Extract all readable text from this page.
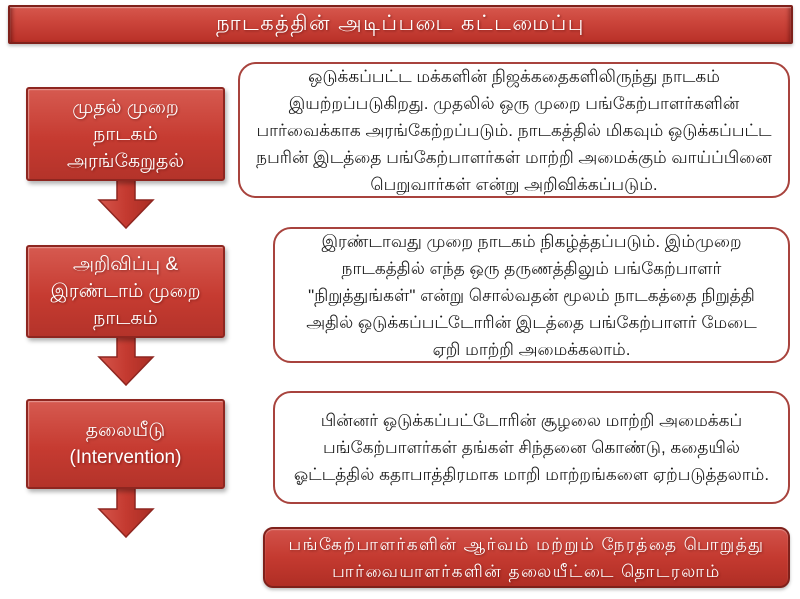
நாடகத்தின் அடிப்படை கட்டமைப்பு
முதல் முறை
நாடகம்
அரங்கேறுதல்
அறிவிப்பு &
இரண்டாம் முறை
நாடகம்
தலையீடு
(Intervention)
ஒடுக்கப்பட்ட மக்களின் நிஜக்கதைகளிலிருந்து நாடகம் இயற்றப்படுகிறது. முதலில் ஒரு முறை பங்கேற்பாளர்களின் பார்வைக்காக அரங்கேற்றப்படும். நாடகத்தில் மிகவும் ஒடுக்கப்பட்ட நபரின் இடத்தை பங்கேற்பாளர்கள் மாற்றி அமைக்கும் வாய்ப்பினை பெறுவார்கள் என்று அறிவிக்கப்படும்.
இரண்டாவது முறை நாடகம் நிகழ்த்தப்படும். இம்முறை நாடகத்தில் எந்த ஒரு தருணத்திலும் பங்கேற்பாளர் "நிறுத்துங்கள்" என்று சொல்வதன் மூலம் நாடகத்தை நிறுத்தி அதில் ஒடுக்கப்பட்டோரின் இடத்தை பங்கேற்பாளர் மேடை ஏறி மாற்றி அமைக்கலாம்.
பின்னர் ஒடுக்கப்பட்டோரின் சூழலை மாற்றி அமைக்கப் பங்கேற்பாளர்கள் தங்கள் சிந்தனை கொண்டு, கதையில் ஓட்டத்தில் கதாபாத்திரமாக மாறி மாற்றங்களை ஏற்படுத்தலாம்.
பங்கேற்பாளர்களின் ஆர்வம் மற்றும் நேரத்தை பொறுத்து
பார்வையாளர்களின் தலையீட்டை தொடரலாம்
